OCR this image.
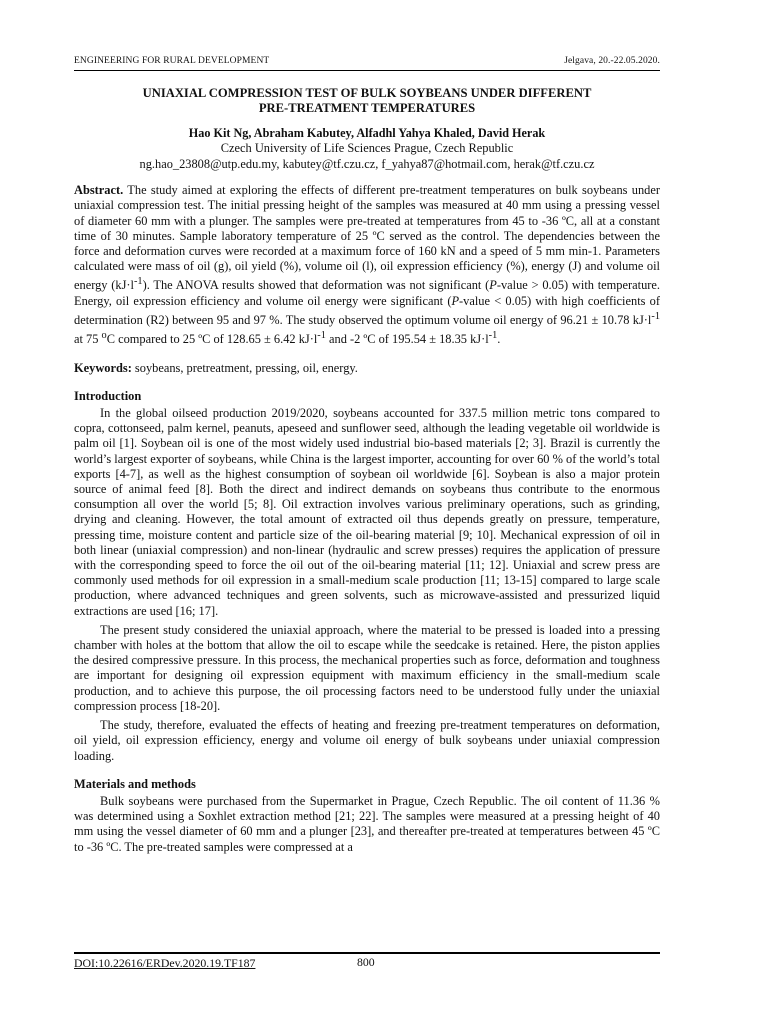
ENGINEERING FOR RURAL DEVELOPMENT	Jelgava, 20.-22.05.2020.
UNIAXIAL COMPRESSION TEST OF BULK SOYBEANS UNDER DIFFERENT
PRE-TREATMENT TEMPERATURES
Hao Kit Ng, Abraham Kabutey, Alfadhl Yahya Khaled, David Herak
Czech University of Life Sciences Prague, Czech Republic
ng.hao_23808@utp.edu.my, kabutey@tf.czu.cz, f_yahya87@hotmail.com, herak@tf.czu.cz

Abstract. The study aimed at exploring the effects of different pre-treatment temperatures on bulk soybeans under uniaxial compression test. The initial pressing height of the samples was measured at 40 mm using a pressing vessel of diameter 60 mm with a plunger. The samples were pre-treated at temperatures from 45 to -36 ºC, all at a constant time of 30 minutes. Sample laboratory temperature of 25 ºC served as the control. The dependencies between the force and deformation curves were recorded at a maximum force of 160 kN and a speed of 5 mm min-1. Parameters calculated were mass of oil (g), oil yield (%), volume oil (l), oil expression efficiency (%), energy (J) and volume oil energy $(kJ\cdot l^{-1})$. The ANOVA results showed that deformation was not significant (P-value > 0.05) with temperature. Energy, oil expression efficiency and volume oil energy were significant (P-value < 0.05) with high coefficients of determination (R2) between 95 and 97 %. The study observed the optimum volume oil energy of 96.21 ± 10.78 $kJ\cdot l^{-1}$ at 75 $^o$C compared to 25 ºC of 128.65 ± 6.42 $kJ\cdot l^{-1}$ and -2 ºC of 195.54 ± 18.35 $kJ\cdot l^{-1}$.

Keywords: soybeans, pretreatment, pressing, oil, energy.

Introduction

In the global oilseed production 2019/2020, soybeans accounted for 337.5 million metric tons compared to copra, cottonseed, palm kernel, peanuts, apeseed and sunflower seed, although the leading vegetable oil worldwide is palm oil [1]. Soybean oil is one of the most widely used industrial bio-based materials [2; 3]. Brazil is currently the world’s largest exporter of soybeans, while China is the largest importer, accounting for over 60 % of the world’s total exports [4-7], as well as the highest consumption of soybean oil worldwide [6]. Soybean is also a major protein source of animal feed [8]. Both the direct and indirect demands on soybeans thus contribute to the enormous consumption all over the world [5; 8]. Oil extraction involves various preliminary operations, such as grinding, drying and cleaning. However, the total amount of extracted oil thus depends greatly on pressure, temperature, pressing time, moisture content and particle size of the oil-bearing material [9; 10]. Mechanical expression of oil in both linear (uniaxial compression) and non-linear (hydraulic and screw presses) requires the application of pressure with the corresponding speed to force the oil out of the oil-bearing material [11; 12]. Uniaxial and screw press are commonly used methods for oil expression in a small-medium scale production [11; 13-15] compared to large scale production, where advanced techniques and green solvents, such as microwave-assisted and pressurized liquid extractions are used [16; 17].

The present study considered the uniaxial approach, where the material to be pressed is loaded into a pressing chamber with holes at the bottom that allow the oil to escape while the seedcake is retained. Here, the piston applies the desired compressive pressure. In this process, the mechanical properties such as force, deformation and toughness are important for designing oil expression equipment with maximum efficiency in the small-medium scale production, and to achieve this purpose, the oil processing factors need to be understood fully under the uniaxial compression process [18-20].

The study, therefore, evaluated the effects of heating and freezing pre-treatment temperatures on deformation, oil yield, oil expression efficiency, energy and volume oil energy of bulk soybeans under uniaxial compression loading.

Materials and methods

Bulk soybeans were purchased from the Supermarket in Prague, Czech Republic. The oil content of 11.36 % was determined using a Soxhlet extraction method [21; 22]. The samples were measured at a pressing height of 40 mm using the vessel diameter of 60 mm and a plunger [23], and thereafter pre-treated at temperatures between 45 ºC to -36 ºC. The pre-treated samples were compressed at a

DOI:10.22616/ERDev.2020.19.TF187	800
